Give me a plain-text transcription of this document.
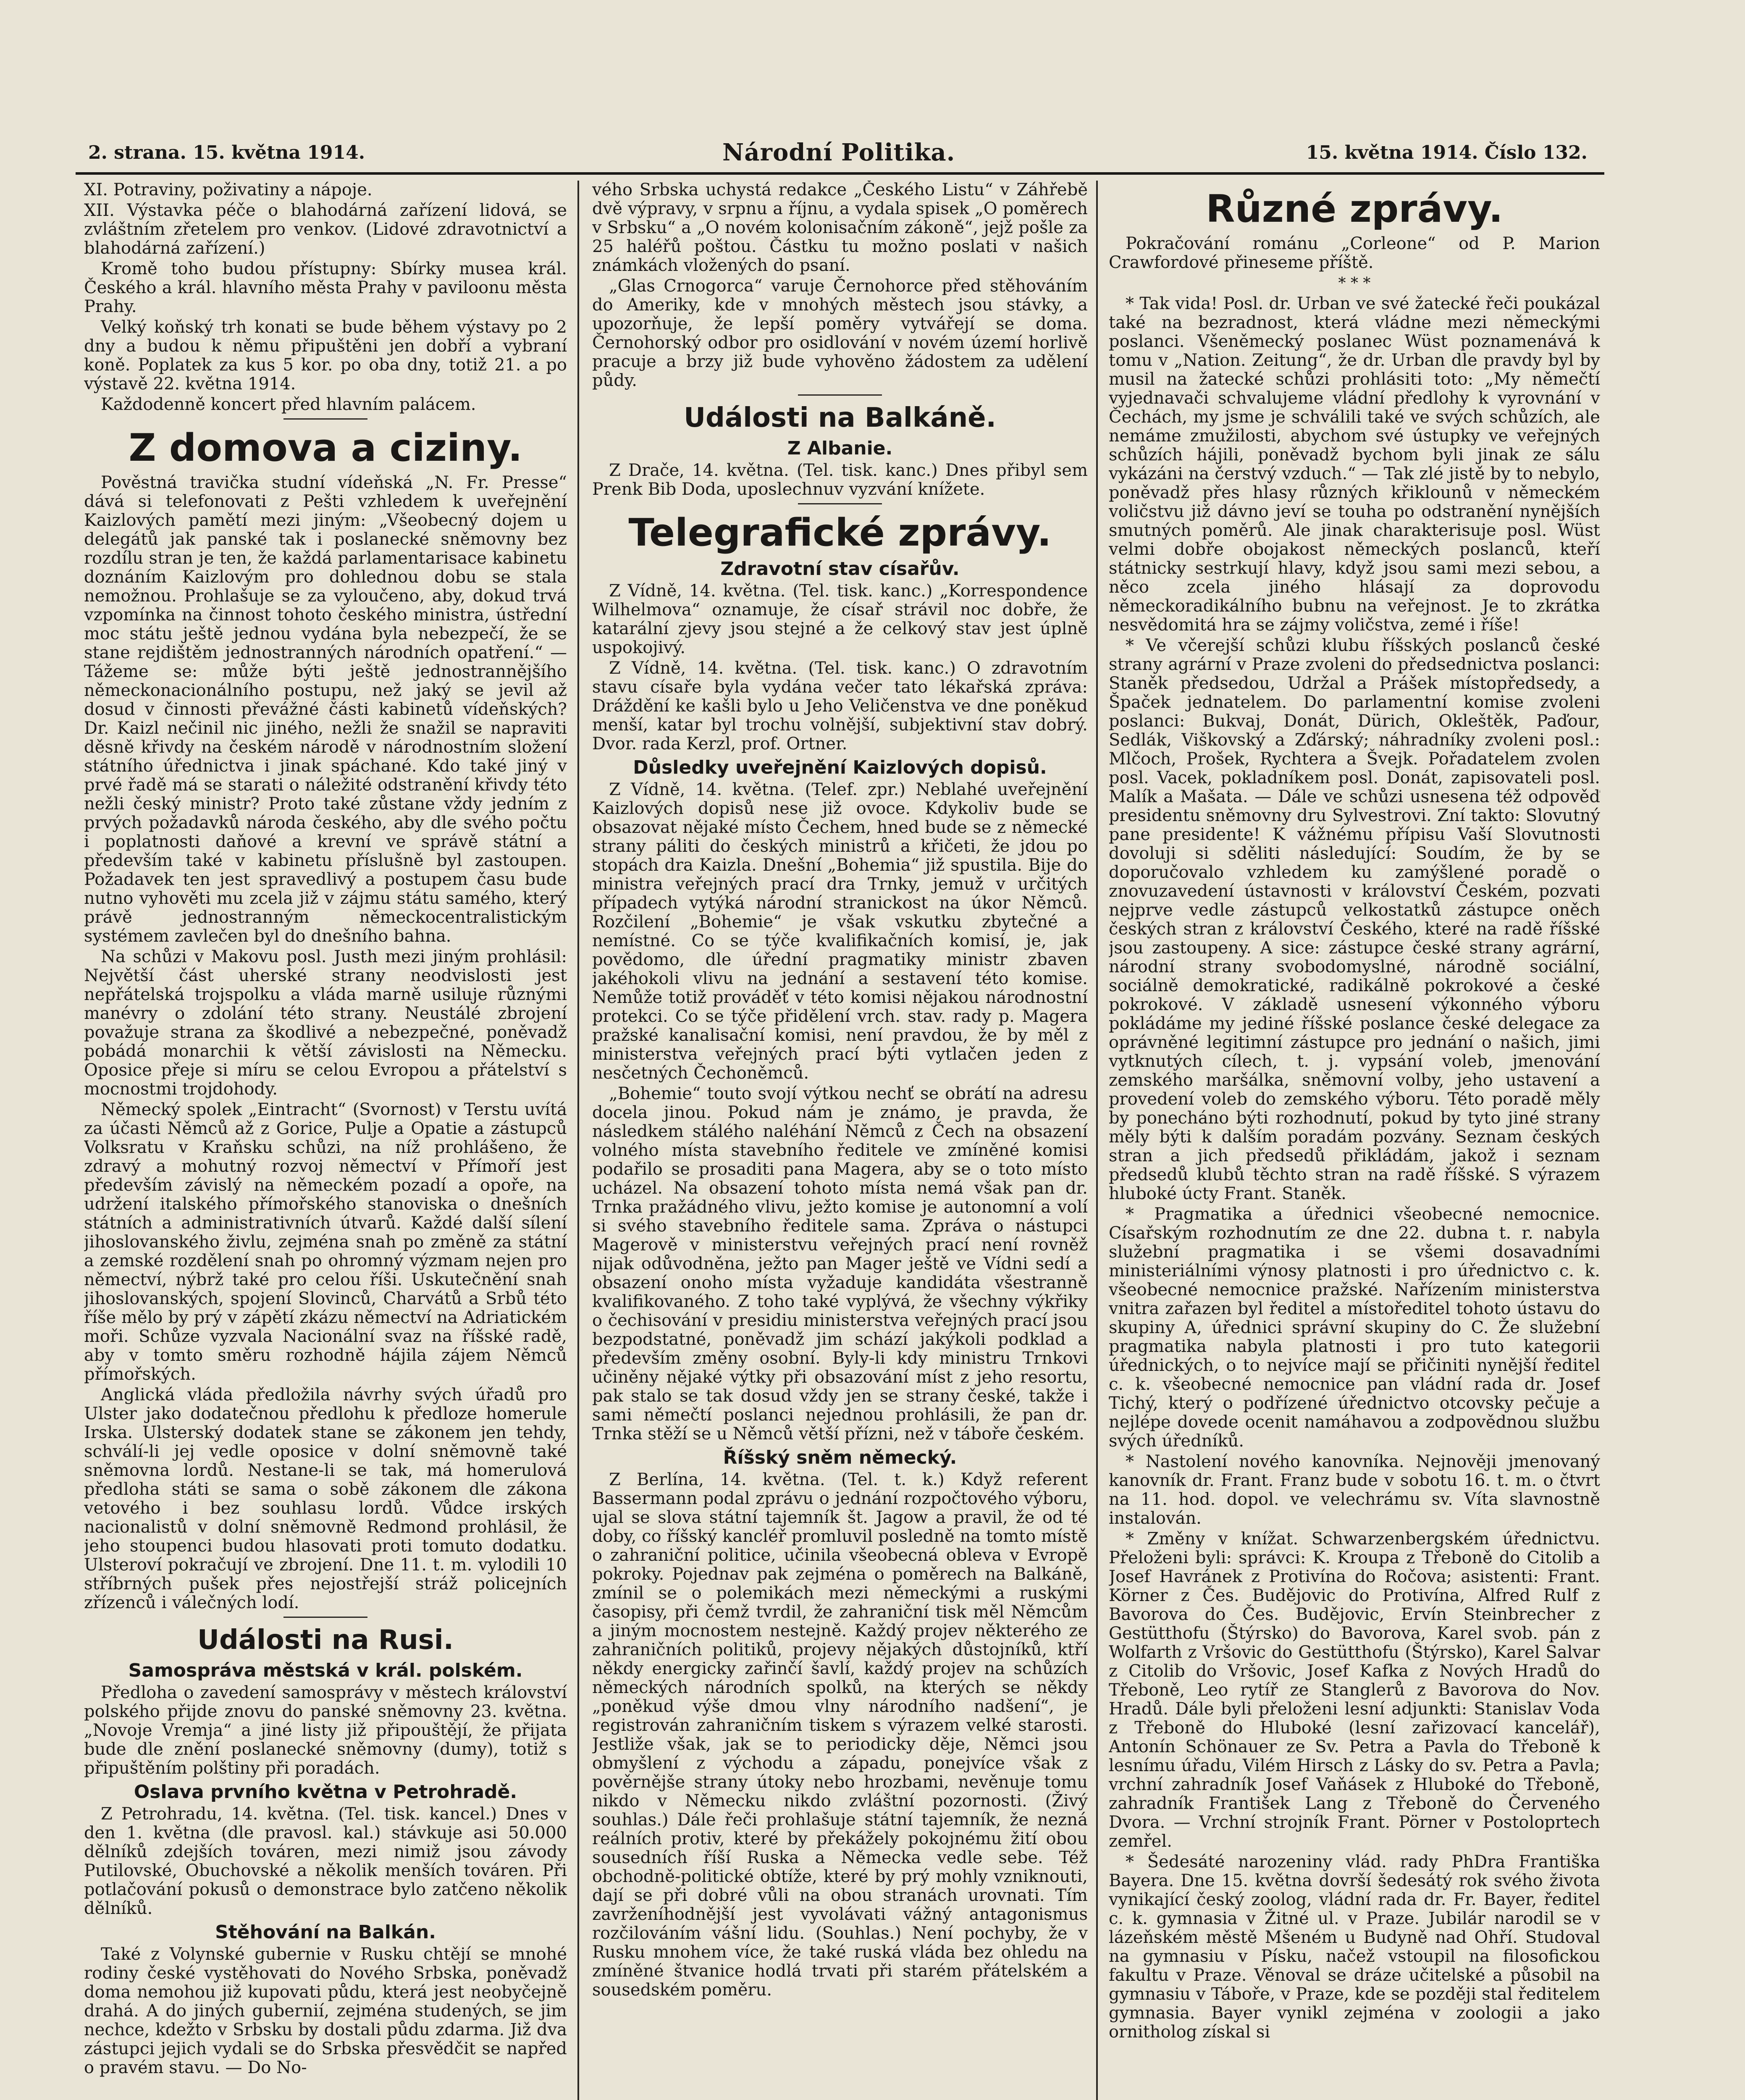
2. strana. 15. května 1914.	Národní Politika.	15. května 1914. Číslo 132.

XI. Potraviny, poživatiny a nápoje.

XII. Výstavka péče o blahodárná zařízení lidová, se zvláštním zřetelem pro venkov. (Lidové zdravotnictví a blahodárná zařízení.)

Kromě toho budou přístupny: Sbírky musea král. Českého a král. hlavního města Prahy v paviloonu města Prahy.

Velký koňský trh konati se bude během výstavy po 2 dny a budou k němu připuštěni jen dobří a vybraní koně. Poplatek za kus 5 kor. po oba dny, totiž 21. a po výstavě 22. května 1914.

Každodenně koncert před hlavním palácem.

Z domova a ciziny.

Pověstná travička studní vídeňská „N. Fr. Presse“ dává si telefonovati z Pešti vzhledem k uveřejnění Kaizlových pamětí mezi jiným: „Všeobecný dojem u delegátů jak panské tak i poslanecké sněmovny bez rozdílu stran je ten, že každá parlamentarisace kabinetu doznáním Kaizlovým pro dohlednou dobu se stala nemožnou. Prohlašuje se za vyloučeno, aby, dokud trvá vzpomínka na činnost tohoto českého ministra, ústřední moc státu ještě jednou vydána byla nebezpečí, že se stane rejdištěm jednostranných národních opatření.“ — Tážeme se: může býti ještě jednostrannějšího německonacionálního postupu, než jaký se jevil až dosud v činnosti převážné části kabinetů vídeňských? Dr. Kaizl nečinil nic jiného, nežli že snažil se napraviti děsně křivdy na českém národě v národnostním složení státního úřednictva i jinak spáchané. Kdo také jiný v prvé řadě má se starati o náležité odstranění křivdy této nežli český ministr? Proto také zůstane vždy jedním z prvých požadavků národa českého, aby dle svého počtu i poplatnosti daňové a krevní ve správě státní a především také v kabinetu příslušně byl zastoupen. Požadavek ten jest spravedlivý a postupem času bude nutno vyhověti mu zcela již v zájmu státu samého, který právě jednostranným německocentralistickým systémem zavlečen byl do dnešního bahna.

Na schůzi v Makovu posl. Justh mezi jiným prohlásil: Největší část uherské strany neodvislosti jest nepřátelská trojspolku a vláda marně usiluje různými manévry o zdolání této strany. Neustálé zbrojení považuje strana za škodlivé a nebezpečné, poněvadž pobádá monarchii k větší závislosti na Německu. Oposice přeje si míru se celou Evropou a přátelství s mocnostmi trojdohody.

Německý spolek „Eintracht“ (Svornost) v Terstu uvítá za účasti Němců až z Gorice, Pulje a Opatie a zástupců Volksratu v Kraňsku schůzi, na níž prohlášeno, že zdravý a mohutný rozvoj němectví v Přímoří jest především závislý na německém pozadí a opoře, na udržení italského přímořského stanoviska o dnešních státních a administrativních útvarů. Každé další sílení jihoslovanského živlu, zejména snah po změně za státní a zemské rozdělení snah po ohromný výzmam nejen pro němectví, nýbrž také pro celou říši. Uskutečnění snah jihoslovanských, spojení Slovinců, Charvátů a Srbů této říše mělo by prý v zápětí zkázu němectví na Adriatickém moři. Schůze vyzvala Nacionální svaz na říšské radě, aby v tomto směru rozhodně hájila zájem Němců přímořských.

Anglická vláda předložila návrhy svých úřadů pro Ulster jako dodatečnou předlohu k předloze homerule Irska. Ulsterský dodatek stane se zákonem jen tehdy, schválí-li jej vedle oposice v dolní sněmovně také sněmovna lordů. Nestane-li se tak, má homerulová předloha státi se sama o sobě zákonem dle zákona vetového i bez souhlasu lordů. Vůdce irských nacionalistů v dolní sněmovně Redmond prohlásil, že jeho stoupenci budou hlasovati proti tomuto dodatku. Ulsteroví pokračují ve zbrojení. Dne 11. t. m. vylodili 10 stříbrných pušek přes nejostřejší stráž policejních zřízenců i válečných lodí.

Události na Rusi.
Samospráva městská v král. polském.

Předloha o zavedení samosprávy v městech království polského přijde znovu do panské sněmovny 23. května. „Novoje Vremja“ a jiné listy již připouštějí, že přijata bude dle znění poslanecké sněmovny (dumy), totiž s připuštěním polštiny při poradách.

Oslava prvního května v Petrohradě.

Z Petrohradu, 14. května. (Tel. tisk. kancel.) Dnes v den 1. května (dle pravosl. kal.) stávkuje asi 50.000 dělníků zdejších továren, mezi nimiž jsou závody Putilovské, Obuchovské a několik menších továren. Při potlačování pokusů o demonstrace bylo zatčeno několik dělníků.

Stěhování na Balkán.

Také z Volynské gubernie v Rusku chtějí se mnohé rodiny české vystěhovati do Nového Srbska, poněvadž doma nemohou již kupovati půdu, která jest neobyčejně drahá. A do jiných gubernií, zejména studených, se jim nechce, kdežto v Srbsku by dostali půdu zdarma. Již dva zástupci jejich vydali se do Srbska přesvědčit se napřed o pravém stavu. — Do No-

vého Srbska uchystá redakce „Českého Listu“ v Záhřebě dvě výpravy, v srpnu a říjnu, a vydala spisek „O poměrech v Srbsku“ a „O novém kolonisačním zákoně“, jejž pošle za 25 haléřů poštou. Částku tu možno poslati v našich známkách vložených do psaní.

„Glas Crnogorca“ varuje Černohorce před stěhováním do Ameriky, kde v mnohých městech jsou stávky, a upozorňuje, že lepší poměry vytvářejí se doma. Černohorský odbor pro osidlování v novém území horlivě pracuje a brzy již bude vyhověno žádostem za udělení půdy.

Události na Balkáně.
Z Albanie.

Z Drače, 14. května. (Tel. tisk. kanc.) Dnes přibyl sem Prenk Bib Doda, uposlechnuv vyzvání knížete.

Telegrafické zprávy.
Zdravotní stav císařův.

Z Vídně, 14. května. (Tel. tisk. kanc.) „Korrespondence Wilhelmova“ oznamuje, že císař strávil noc dobře, že katarální zjevy jsou stejné a že celkový stav jest úplně uspokojivý.

Z Vídně, 14. května. (Tel. tisk. kanc.) O zdravotním stavu císaře byla vydána večer tato lékařská zpráva: Dráždění ke kašli bylo u Jeho Veličenstva ve dne poněkud menší, katar byl trochu volnější, subjektivní stav dobrý. Dvor. rada Kerzl, prof. Ortner.

Důsledky uveřejnění Kaizlových dopisů.

Z Vídně, 14. května. (Telef. zpr.) Neblahé uveřejnění Kaizlových dopisů nese již ovoce. Kdykoliv bude se obsazovat nějaké místo Čechem, hned bude se z německé strany páliti do českých ministrů a křičeti, že jdou po stopách dra Kaizla. Dnešní „Bohemia“ již spustila. Bije do ministra veřejných prací dra Trnky, jemuž v určitých případech vytýká národní stranickost na úkor Němců. Rozčilení „Bohemie“ je však vskutku zbytečné a nemístné. Co se týče kvalifikačních komisí, je, jak povědomo, dle úřední pragmatiky ministr zbaven jakéhokoli vlivu na jednání a sestavení této komise. Nemůže totiž prováděť v této komisi nějakou národnostní protekci. Co se týče přidělení vrch. stav. rady p. Magera pražské kanalisační komisi, není pravdou, že by měl z ministerstva veřejných prací býti vytlačen jeden z nesčetných Čechoněmců.

„Bohemie“ touto svojí výtkou nechť se obrátí na adresu docela jinou. Pokud nám je známo, je pravda, že následkem stálého naléhání Němců z Čech na obsazení volného místa stavebního ředitele ve zmíněné komisi podařilo se prosaditi pana Magera, aby se o toto místo ucházel. Na obsazení tohoto místa nemá však pan dr. Trnka pražádného vlivu, ježto komise je autonomní a volí si svého stavebního ředitele sama. Zpráva o nástupci Magerově v ministerstvu veřejných prací není rovněž nijak odůvodněna, ježto pan Mager ještě ve Vídni sedí a obsazení onoho místa vyžaduje kandidáta všestranně kvalifikovaného. Z toho také vyplývá, že všechny výkřiky o čechisování v presidiu ministerstva veřejných prací jsou bezpodstatné, poněvadž jim schází jakýkoli podklad a především změny osobní. Byly-li kdy ministru Trnkovi učiněny nějaké výtky při obsazování míst z jeho resortu, pak stalo se tak dosud vždy jen se strany české, takže i sami němečtí poslanci nejednou prohlásili, že pan dr. Trnka stěží se u Němců větší přízni, než v táboře českém.

Říšský sněm německý.

Z Berlína, 14. května. (Tel. t. k.) Když referent Bassermann podal zprávu o jednání rozpočtového výboru, ujal se slova státní tajemník št. Jagow a pravil, že od té doby, co říšský kancléř promluvil posledně na tomto místě o zahraniční politice, učinila všeobecná obleva v Evropě pokroky. Pojednav pak zejména o poměrech na Balkáně, zmínil se o polemikách mezi německými a ruskými časopisy, při čemž tvrdil, že zahraniční tisk měl Němcům a jiným mocnostem nestejně. Každý projev některého ze zahraničních politiků, projevy nějakých důstojníků, ktří někdy energicky zařinčí šavlí, každý projev na schůzích německých národních spolků, na kterých se někdy „poněkud výše dmou vlny národního nadšení“, je registrován zahraničním tiskem s výrazem velké starosti. Jestliže však, jak se to periodicky děje, Němci jsou obmyšlení z východu a západu, ponejvíce však z pověrnějše strany útoky nebo hrozbami, nevěnuje tomu nikdo v Německu nikdo zvláštní pozornosti. (Živý souhlas.) Dále řeči prohlašuje státní tajemník, že nezná reálních protiv, které by překážely pokojnému žití obou sousedních říší Ruska a Německa vedle sebe. Též obchodně-politické obtíže, které by prý mohly vzniknouti, dají se při dobré vůli na obou stranách urovnati. Tím zavrženíhodnější jest vyvolávati vážný antagonismus rozčilováním vášní lidu. (Souhlas.) Není pochyby, že v Rusku mnohem více, že také ruská vláda bez ohledu na zmíněné štvanice hodlá trvati při starém přátelském a sousedském poměru.

Různé zprávy.

Pokračování románu „Corleone“ od P. Marion Crawfordové přineseme příště.

* * *

* Tak vida! Posl. dr. Urban ve své žatecké řeči poukázal také na bezradnost, která vládne mezi německými poslanci. Všeněmecký poslanec Wüst poznamenává k tomu v „Nation. Zeitung“, že dr. Urban dle pravdy byl by musil na žatecké schůzi prohlásiti toto: „My němečtí vyjednavači schvalujeme vládní předlohy k vyrovnání v Čechách, my jsme je schválili také ve svých schůzích, ale nemáme zmužilosti, abychom své ústupky ve veřejných schůzích hájili, poněvadž bychom byli jinak ze sálu vykázáni na čerstvý vzduch.“ — Tak zlé jistě by to nebylo, poněvadž přes hlasy různých křiklounů v německém voličstvu již dávno jeví se touha po odstranění nynějších smutných poměrů. Ale jinak charakterisuje posl. Wüst velmi dobře obojakost německých poslanců, kteří státnicky sestrkují hlavy, když jsou sami mezi sebou, a něco zcela jiného hlásají za doprovodu německoradikálního bubnu na veřejnost. Je to zkrátka nesvědomitá hra se zájmy voličstva, zemé i říše!

* Ve včerejší schůzi klubu říšských poslanců české strany agrární v Praze zvoleni do předsednictva poslanci: Staněk předsedou, Udržal a Prášek místopředsedy, a Špaček jednatelem. Do parlamentní komise zvoleni poslanci: Bukvaj, Donát, Dürich, Okleštěk, Paďour, Sedlák, Viškovský a Zďárský; náhradníky zvoleni posl.: Mlčoch, Prošek, Rychtera a Švejk. Pořadatelem zvolen posl. Vacek, pokladníkem posl. Donát, zapisovateli posl. Malík a Mašata. — Dále ve schůzi usnesena též odpověď presidentu sněmovny dru Sylvestrovi. Zní takto: Slovutný pane presidente! K vážnému přípisu Vaší Slovutnosti dovoluji si sděliti následující: Soudím, že by se doporučovalo vzhledem ku zamýšlené poradě o znovuzavedení ústavnosti v království Českém, pozvati nejprve vedle zástupců velkostatků zástupce oněch českých stran z království Českého, které na radě říšské jsou zastoupeny. A sice: zástupce české strany agrární, národní strany svobodomyslné, národně sociální, sociálně demokratické, radikálně pokrokové a české pokrokové. V základě usnesení výkonného výboru pokládáme my jediné říšské poslance české delegace za oprávněné legitimní zástupce pro jednání o našich, jimi vytknutých cílech, t. j. vypsání voleb, jmenování zemského maršálka, sněmovní volby, jeho ustavení a provedení voleb do zemského výboru. Této poradě měly by ponecháno býti rozhodnutí, pokud by tyto jiné strany měly býti k dalším poradám pozvány. Seznam českých stran a jich předsedů přikládám, jakož i seznam předsedů klubů těchto stran na radě říšské. S výrazem hluboké úcty Frant. Staněk.

* Pragmatika a úřednici všeobecné nemocnice. Císařským rozhodnutím ze dne 22. dubna t. r. nabyla služební pragmatika i se všemi dosavadními ministeriálními výnosy platnosti i pro úřednictvo c. k. všeobecné nemocnice pražské. Nařízením ministerstva vnitra zařazen byl ředitel a místoředitel tohoto ústavu do skupiny A, úřednici správní skupiny do C. Že služební pragmatika nabyla platnosti i pro tuto kategorii úřednických, o to nejvíce mají se přičiniti nynější ředitel c. k. všeobecné nemocnice pan vládní rada dr. Josef Tichý, který o podřízené úřednictvo otcovsky pečuje a nejlépe dovede ocenit namáhavou a zodpovědnou službu svých úředníků.

* Nastolení nového kanovníka. Nejnověji jmenovaný kanovník dr. Frant. Franz bude v sobotu 16. t. m. o čtvrt na 11. hod. dopol. ve velechrámu sv. Víta slavnostně instalován.

* Změny v knížat. Schwarzenbergském úřednictvu. Přeloženi byli: správci: K. Kroupa z Třeboně do Citolib a Josef Havránek z Protivína do Ročova; asistenti: Frant. Körner z Čes. Budějovic do Protivína, Alfred Rulf z Bavorova do Čes. Budějovic, Ervín Steinbrecher z Gestütthofu (Štýrsko) do Bavorova, Karel svob. pán z Wolfarth z Vršovic do Gestütthofu (Štýrsko), Karel Salvar z Citolib do Vršovic, Josef Kafka z Nových Hradů do Třeboně, Leo rytíř ze Stanglerů z Bavorova do Nov. Hradů. Dále byli přeloženi lesní adjunkti: Stanislav Voda z Třeboně do Hluboké (lesní zařizovací kancelář), Antonín Schönauer ze Sv. Petra a Pavla do Třeboně k lesnímu úřadu, Vilém Hirsch z Lásky do sv. Petra a Pavla; vrchní zahradník Josef Vaňásek z Hluboké do Třeboně, zahradník František Lang z Třeboně do Červeného Dvora. — Vrchní strojník Frant. Pörner v Postoloprtech zemřel.

* Šedesáté narozeniny vlád. rady PhDra Františka Bayera. Dne 15. května dovrší šedesátý rok svého života vynikající český zoolog, vládní rada dr. Fr. Bayer, ředitel c. k. gymnasia v Žitné ul. v Praze. Jubilár narodil se v lázeňském městě Mšeném u Budyně nad Ohří. Studoval na gymnasiu v Písku, načež vstoupil na filosofickou fakultu v Praze. Věnoval se dráze učitelské a působil na gymnasiu v Táboře, v Praze, kde se později stal ředitelem gymnasia. Bayer vynikl zejména v zoologii a jako ornitholog získal si
